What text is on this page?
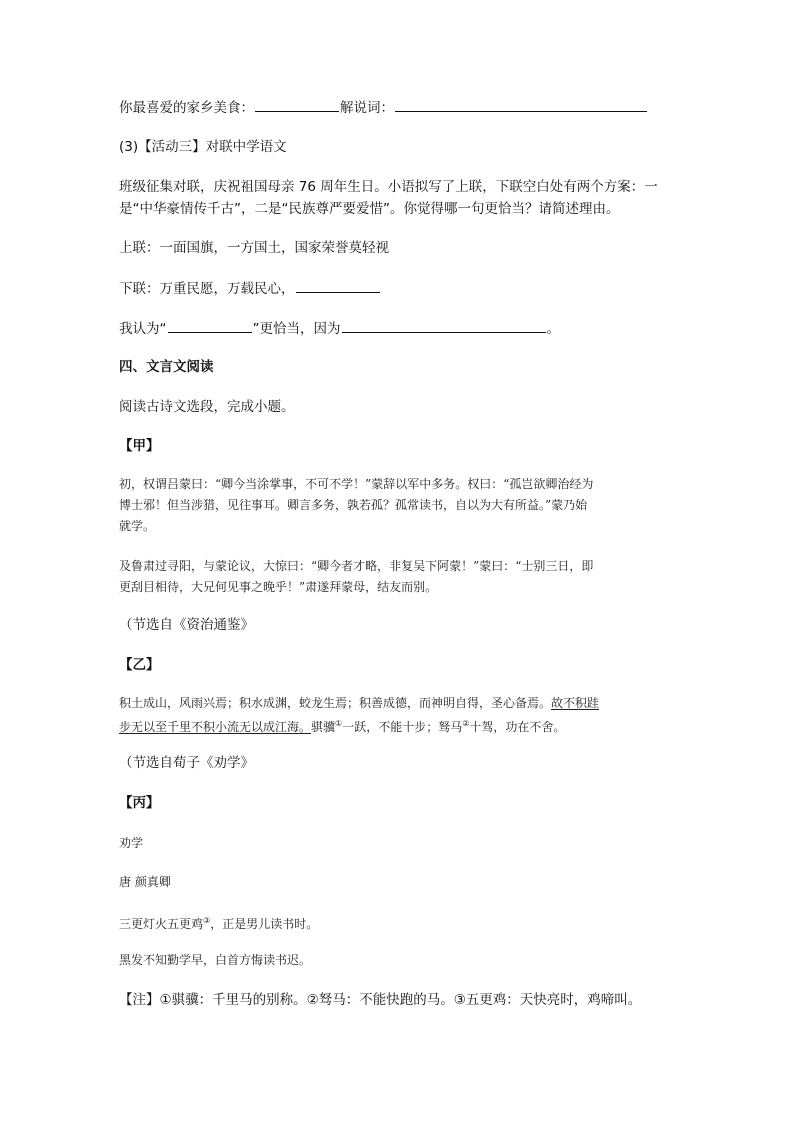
你最喜爱的家乡美食：	解说词：
(3)【活动三】对联中学语文
班级征集对联，庆祝祖国母亲 76 周年生日。小语拟写了上联，下联空白处有两个方案：一
是“中华豪情传千古”，二是“民族尊严要爱惜”。你觉得哪一句更恰当？请简述理由。
上联：一面国旗，一方国土，国家荣誉莫轻视
下联：万重民愿，万载民心，
我认为“	”更恰当，因为	。
四、文言文阅读
阅读古诗文选段，完成小题。
【甲】
初，权谓吕蒙曰：“卿今当涂掌事，不可不学！”蒙辞以军中多务。权曰：“孤岂欲卿治经为
博士邪！但当涉猎，见往事耳。卿言多务，孰若孤？孤常读书，自以为大有所益。”蒙乃始
就学。
及鲁肃过寻阳，与蒙论议，大惊曰：“卿今者才略，非复吴下阿蒙！”蒙曰：“士别三日，即
更刮目相待，大兄何见事之晚乎！”肃遂拜蒙母，结友而别。
（节选自《资治通鉴》
【乙】
积土成山，风雨兴焉；积水成渊，蛟龙生焉；积善成德，而神明自得，圣心备焉。故不积跬
步无以至千里不积小流无以成江海。骐骥①一跃，不能十步；驽马②十驾，功在不舍。
（节选自荀子《劝学》
【丙】
劝学
唐 颜真卿
三更灯火五更鸡③，正是男儿读书时。
黑发不知勤学早，白首方悔读书迟。
【注】①骐骥：千里马的别称。②驽马：不能快跑的马。③五更鸡：天快亮时，鸡啼叫。
